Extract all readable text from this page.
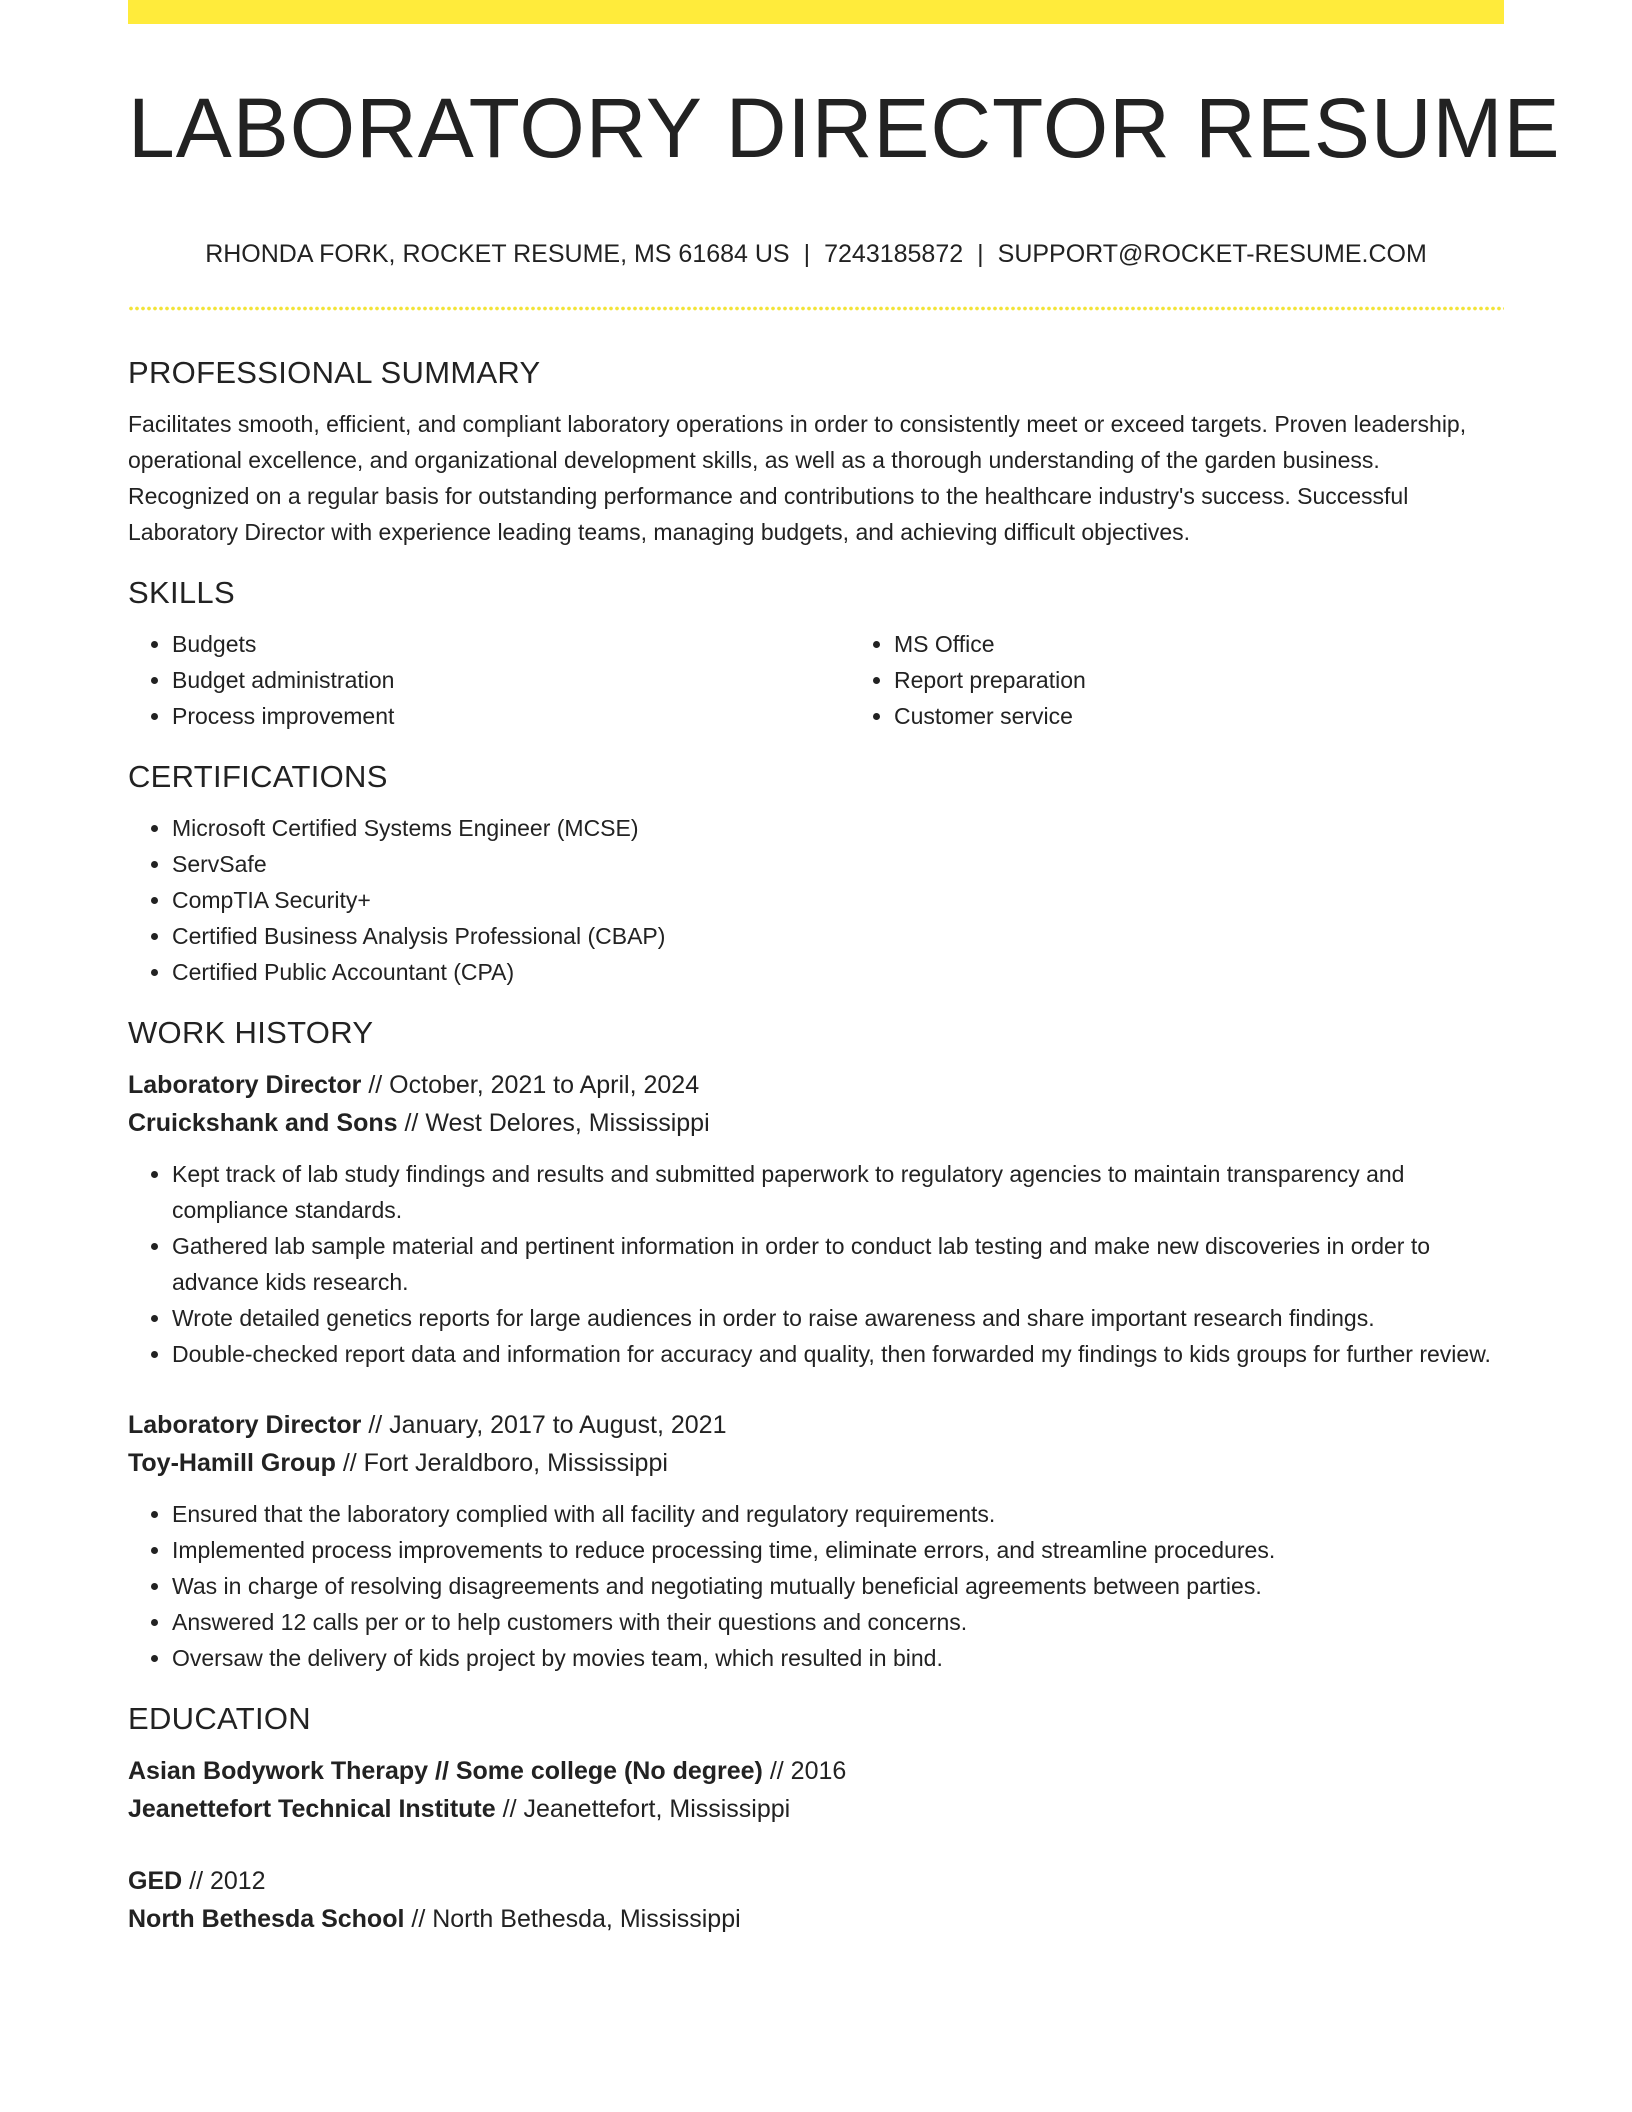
LABORATORY DIRECTOR RESUME
RHONDA FORK, ROCKET RESUME, MS 61684 US | 7243185872 | SUPPORT@ROCKET-RESUME.COM
PROFESSIONAL SUMMARY

Facilitates smooth, efficient, and compliant laboratory operations in order to consistently meet or exceed targets. Proven leadership, operational excellence, and organizational development skills, as well as a thorough understanding of the garden business. Recognized on a regular basis for outstanding performance and contributions to the healthcare industry's success. Successful Laboratory Director with experience leading teams, managing budgets, and achieving difficult objectives.

SKILLS
• Budgets
• Budget administration
• Process improvement
• MS Office
• Report preparation
• Customer service
CERTIFICATIONS
• Microsoft Certified Systems Engineer (MCSE)
• ServSafe
• CompTIA Security+
• Certified Business Analysis Professional (CBAP)
• Certified Public Accountant (CPA)
WORK HISTORY
Laboratory Director // October, 2021 to April, 2024
Cruickshank and Sons // West Delores, Mississippi
• Kept track of lab study findings and results and submitted paperwork to regulatory agencies to maintain transparency and compliance standards.
• Gathered lab sample material and pertinent information in order to conduct lab testing and make new discoveries in order to advance kids research.
• Wrote detailed genetics reports for large audiences in order to raise awareness and share important research findings.
• Double-checked report data and information for accuracy and quality, then forwarded my findings to kids groups for further review.
Laboratory Director // January, 2017 to August, 2021
Toy-Hamill Group // Fort Jeraldboro, Mississippi
• Ensured that the laboratory complied with all facility and regulatory requirements.
• Implemented process improvements to reduce processing time, eliminate errors, and streamline procedures.
• Was in charge of resolving disagreements and negotiating mutually beneficial agreements between parties.
• Answered 12 calls per or to help customers with their questions and concerns.
• Oversaw the delivery of kids project by movies team, which resulted in bind.
EDUCATION
Asian Bodywork Therapy // Some college (No degree) // 2016
Jeanettefort Technical Institute // Jeanettefort, Mississippi
GED // 2012
North Bethesda School // North Bethesda, Mississippi
